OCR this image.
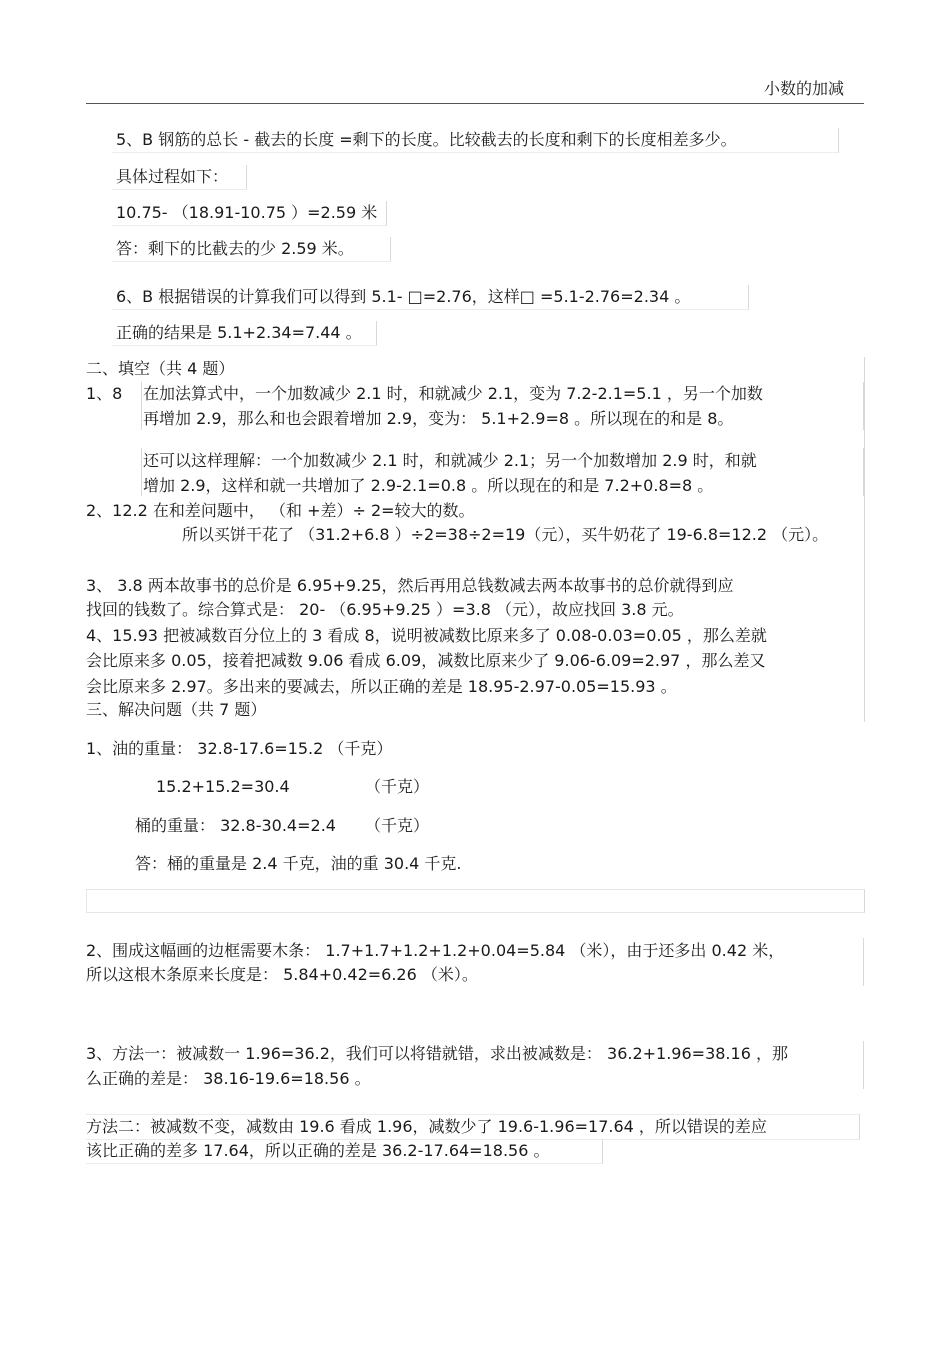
小数的加减
5、B 钢筋的总长 - 截去的长度 =剩下的长度。比较截去的长度和剩下的长度相差多少。
具体过程如下：
10.75- （18.91-10.75 ）=2.59 米
答：剩下的比截去的少 2.59 米。
6、B 根据错误的计算我们可以得到 5.1- □=2.76，这样□ =5.1-2.76=2.34 。
正确的结果是 5.1+2.34=7.44 。
二、填空（共 4 题）
1、8 在加法算式中，一个加数减少 2.1 时，和就减少 2.1，变为 7.2-2.1=5.1 ，另一个加数
再增加 2.9，那么和也会跟着增加 2.9，变为： 5.1+2.9=8 。所以现在的和是 8。
还可以这样理解：一个加数减少 2.1 时，和就减少 2.1；另一个加数增加 2.9 时，和就
增加 2.9，这样和就一共增加了 2.9-2.1=0.8 。所以现在的和是 7.2+0.8=8 。
2、12.2 在和差问题中， （和 +差）÷ 2=较大的数。
所以买饼干花了 （31.2+6.8 ）÷2=38÷2=19（元），买牛奶花了 19-6.8=12.2 （元）。
3、 3.8 两本故事书的总价是 6.95+9.25，然后再用总钱数减去两本故事书的总价就得到应
找回的钱数了。综合算式是： 20- （6.95+9.25 ）=3.8 （元），故应找回 3.8 元。
4、15.93 把被减数百分位上的 3 看成 8，说明被减数比原来多了 0.08-0.03=0.05 ，那么差就
会比原来多 0.05，接着把减数 9.06 看成 6.09，减数比原来少了 9.06-6.09=2.97 ，那么差又
会比原来多 2.97。多出来的要减去，所以正确的差是 18.95-2.97-0.05=15.93 。
三、解决问题（共 7 题）
1、油的重量： 32.8-17.6=15.2 （千克）
15.2+15.2=30.4	（千克）
桶的重量： 32.8-30.4=2.4 （千克）
答：桶的重量是 2.4 千克，油的重 30.4 千克.
2、围成这幅画的边框需要木条： 1.7+1.7+1.2+1.2+0.04=5.84 （米），由于还多出 0.42 米，
所以这根木条原来长度是： 5.84+0.42=6.26 （米）。
3、方法一：被减数一 1.96=36.2，我们可以将错就错，求出被减数是： 36.2+1.96=38.16 ，那
么正确的差是： 38.16-19.6=18.56 。
方法二：被减数不变，减数由 19.6 看成 1.96，减数少了 19.6-1.96=17.64 ，所以错误的差应
该比正确的差多 17.64，所以正确的差是 36.2-17.64=18.56 。
